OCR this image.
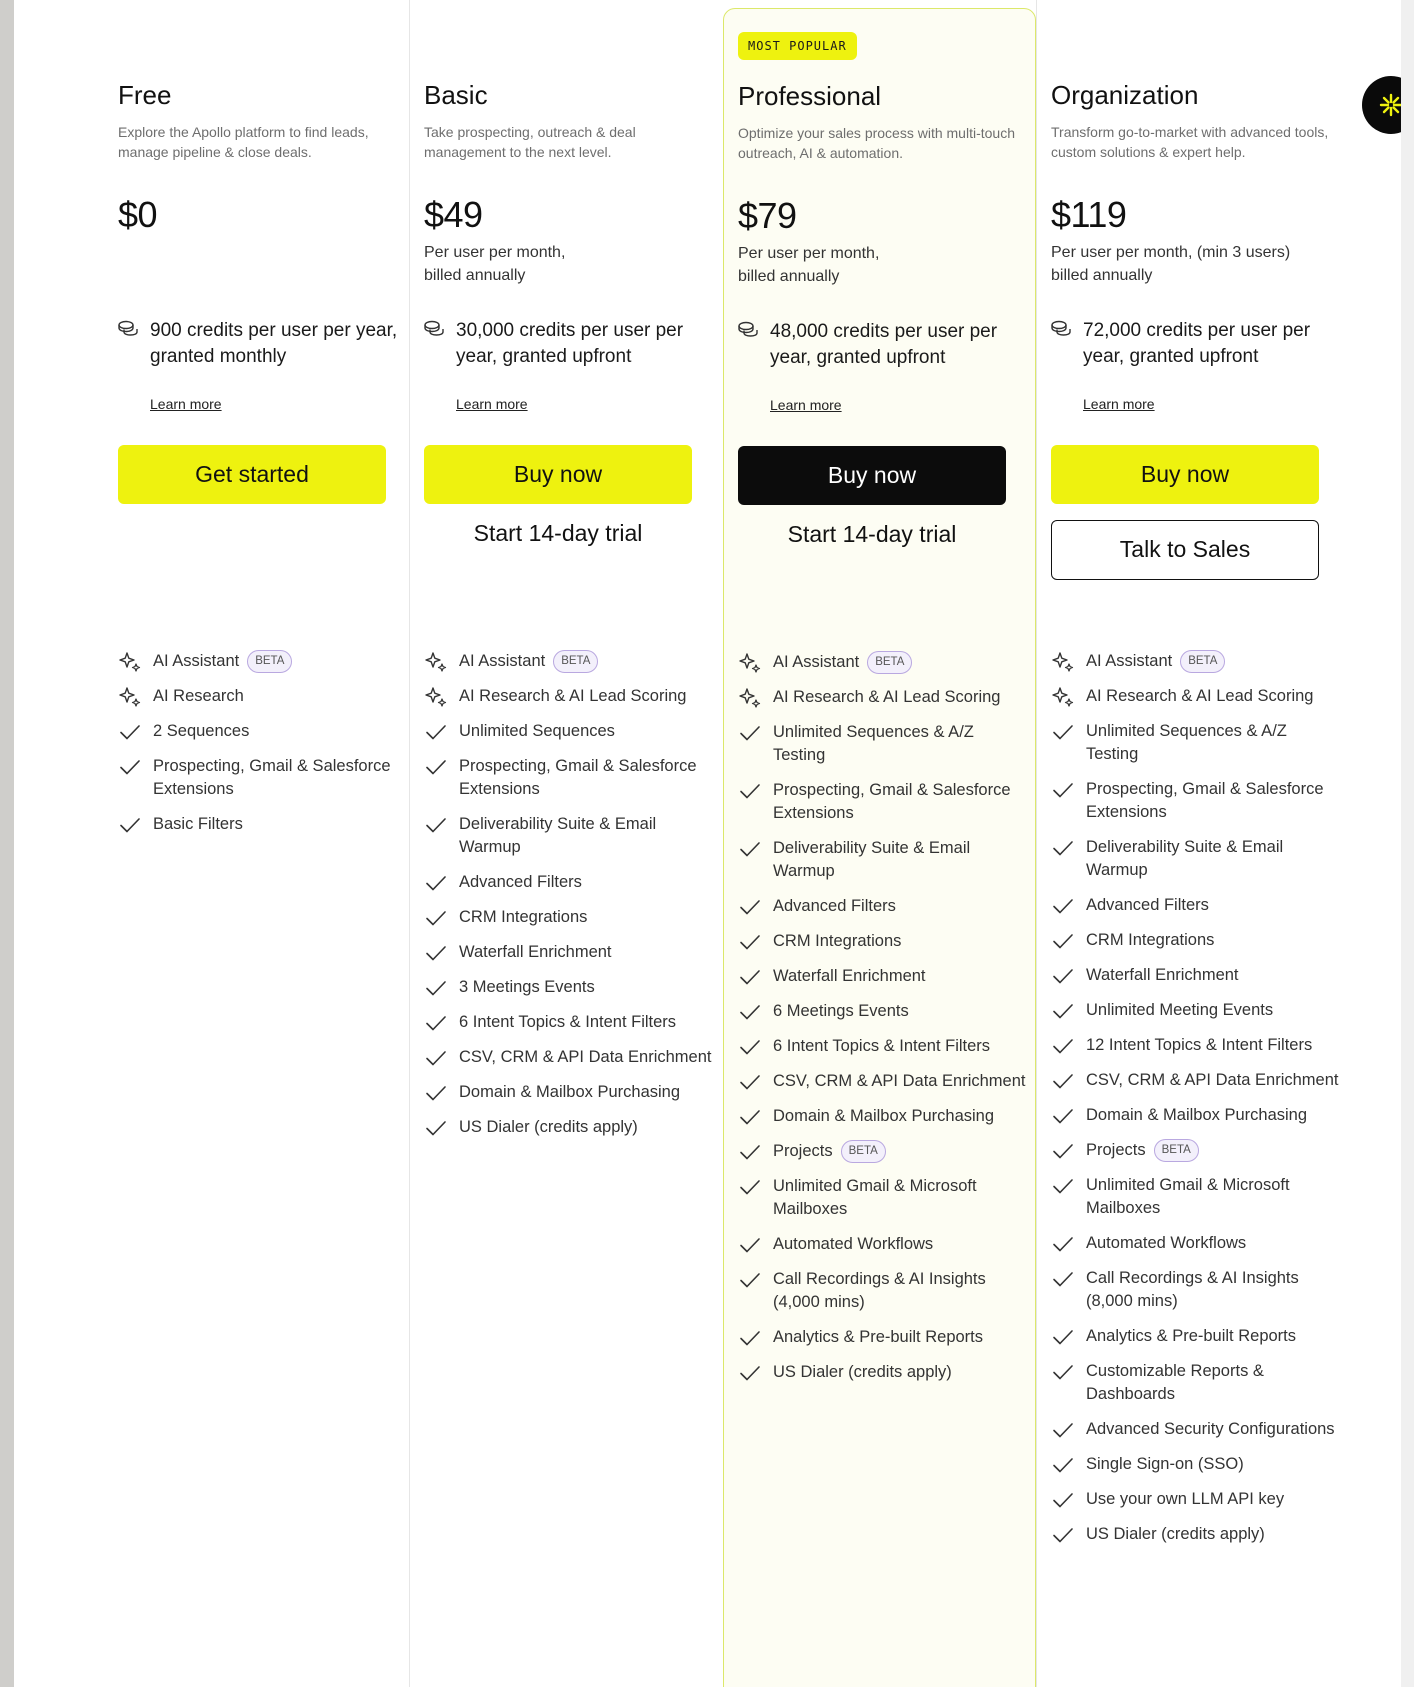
Free
Explore the Apollo platform to find leads, manage pipeline & close deals.
$0
900 credits per user per year, granted monthly
Learn more
Get started
AI Assistant BETA
AI Research
2 Sequences
Prospecting, Gmail & Salesforce Extensions
Basic Filters
Basic
Take prospecting, outreach & deal management to the next level.
$49
Per user per month,
billed annually
30,000 credits per user per year, granted upfront
Learn more
Buy now
Start 14-day trial
AI Assistant BETA
AI Research & AI Lead Scoring
Unlimited Sequences
Prospecting, Gmail & Salesforce Extensions
Deliverability Suite & Email Warmup
Advanced Filters
CRM Integrations
Waterfall Enrichment
3 Meetings Events
6 Intent Topics & Intent Filters
CSV, CRM & API Data Enrichment
Domain & Mailbox Purchasing
US Dialer (credits apply)
MOST POPULAR
Professional
Optimize your sales process with multi-touch outreach, AI & automation.
$79
Per user per month,
billed annually
48,000 credits per user per year, granted upfront
Learn more
Buy now
Start 14-day trial
AI Assistant BETA
AI Research & AI Lead Scoring
Unlimited Sequences & A/Z Testing
Prospecting, Gmail & Salesforce Extensions
Deliverability Suite & Email Warmup
Advanced Filters
CRM Integrations
Waterfall Enrichment
6 Meetings Events
6 Intent Topics & Intent Filters
CSV, CRM & API Data Enrichment
Domain & Mailbox Purchasing
Projects BETA
Unlimited Gmail & Microsoft Mailboxes
Automated Workflows
Call Recordings & AI Insights (4,000 mins)
Analytics & Pre-built Reports
US Dialer (credits apply)
Organization
Transform go-to-market with advanced tools, custom solutions & expert help.
$119
Per user per month, (min 3 users)
billed annually
72,000 credits per user per year, granted upfront
Learn more
Buy now
Talk to Sales
AI Assistant BETA
AI Research & AI Lead Scoring
Unlimited Sequences & A/Z Testing
Prospecting, Gmail & Salesforce Extensions
Deliverability Suite & Email Warmup
Advanced Filters
CRM Integrations
Waterfall Enrichment
Unlimited Meeting Events
12 Intent Topics & Intent Filters
CSV, CRM & API Data Enrichment
Domain & Mailbox Purchasing
Projects BETA
Unlimited Gmail & Microsoft Mailboxes
Automated Workflows
Call Recordings & AI Insights (8,000 mins)
Analytics & Pre-built Reports
Customizable Reports & Dashboards
Advanced Security Configurations
Single Sign-on (SSO)
Use your own LLM API key
US Dialer (credits apply)
